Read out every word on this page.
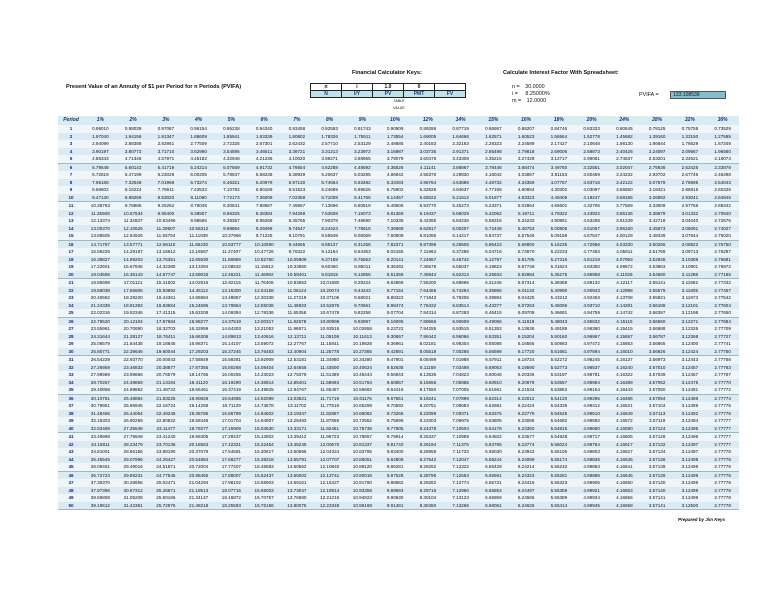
Financial Calculator Keys:
n	i	1.0	0	
N	I/Y	PV	PMT	FV
TABLE
VALUE
Calculate Interest Factor With Spreadsheet:
n = 30.0000
i = 8.25000%
m = 12.0000
PVIFA =	133.108539
Present Value of an Annuity of $1 per Period for n Periods (PVIFA)
Period	1%	2%	3%	4%	5%	6%	7%	8%	9%	10%	12%	14%	15%	16%	18%	20%	24%	28%	32%	36%
1	0.99010	0.98039	0.97087	0.96154	0.95238	0.94340	0.93458	0.92593	0.91743	0.90909	0.89286	0.87719	0.86957	0.86207	0.84746	0.83333	0.80645	0.78125	0.75758	0.73529
2	1.97040	1.94156	1.91347	1.88609	1.85941	1.83339	1.80802	1.78326	1.75911	1.73554	1.69005	1.64666	1.62571	1.60523	1.56564	1.52778	1.45682	1.39160	1.33150	1.27595
3	2.94099	2.88388	2.82861	2.77509	2.72325	2.67301	2.62432	2.57710	2.53129	2.48685	2.40183	2.32163	2.28323	2.24589	2.17427	2.10648	1.98130	1.86844	1.76629	1.67349
4	3.90197	3.80773	3.71710	3.62990	3.54595	3.46511	3.38721	3.31213	3.23972	3.16987	3.03735	2.91371	2.85498	2.79818	2.69006	2.58873	2.40426	2.24097	2.09567	1.96580
5	4.85343	4.71346	4.57971	4.45182	4.32948	4.21236	4.10020	3.99271	3.88965	3.79079	3.60478	3.43308	3.35216	3.27429	3.12717	2.99061	2.74537	2.53201	2.34521	2.18074
6	5.79548	5.60143	5.41719	5.24214	5.07569	4.91732	4.76654	4.62288	4.48592	4.35526	4.11141	3.88867	3.78448	3.68474	3.49760	3.32551	3.02047	2.75938	2.53425	2.33878
7	6.72819	6.47199	6.23028	6.00205	5.78637	5.58238	5.38929	5.20637	5.03295	4.86842	4.56376	4.28830	4.16042	4.03857	3.81153	3.60459	3.24232	2.93702	2.67746	2.45498
8	7.65168	7.32548	7.01969	6.73274	6.46321	6.20979	5.97130	5.74664	5.53482	5.33493	4.96764	4.63886	4.48732	4.34359	4.07757	3.83716	3.42122	3.07579	2.78595	2.54043
9	8.56602	8.16224	7.78611	7.43533	7.10782	6.80169	6.51523	6.24689	5.99525	5.75902	5.32825	4.94637	4.77158	4.60654	4.30302	4.03097	3.56550	3.18421	2.86815	2.60326
10	9.47130	8.98259	8.53020	8.11090	7.72173	7.36009	7.02358	6.71008	6.41766	6.14457	5.65022	5.21612	5.01877	4.83323	4.49409	4.19247	3.68186	3.26892	2.93041	2.64945
11	10.36763	9.78685	9.25262	8.76048	8.30641	7.88687	7.49867	7.13896	6.80519	6.49506	5.93770	5.45273	5.23371	5.02864	4.65601	4.32706	3.77569	3.33509	2.97759	2.68342
12	11.25508	10.57534	9.95400	9.38507	8.86325	8.38384	7.94269	7.53608	7.16073	6.81369	6.19437	5.66029	5.42062	5.19711	4.79322	4.43922	3.85136	3.38679	3.01332	2.70840
13	12.13374	11.34837	10.63496	9.98565	9.39357	8.85268	8.35765	7.90378	7.48690	7.10336	6.42355	5.84236	5.58315	5.34233	4.90951	4.53268	3.91239	3.42718	3.04040	2.72676
14	13.00370	12.10625	11.29607	10.56312	9.89864	9.29498	8.74547	8.24424	7.78615	7.36669	6.62817	6.00207	5.72448	5.46753	5.00806	4.61057	3.96160	3.45873	3.06091	2.74027
15	13.86505	12.84926	11.93794	11.11839	10.37966	9.71225	9.10791	8.55948	8.06069	7.60608	6.81086	6.14217	5.84737	5.57546	5.09158	4.67547	4.00129	3.48339	3.07644	2.75020
16	14.71787	13.57771	12.56110	11.65230	10.83777	10.10590	9.44665	8.85137	8.31256	7.82371	6.97399	6.26506	5.95423	5.66850	5.16235	4.72956	4.03330	3.50265	3.08822	2.75750
17	15.56225	14.29187	13.16612	12.16567	11.27407	10.47726	9.76322	9.12164	8.54363	8.02155	7.11963	6.37286	6.04716	5.74870	5.22233	4.77463	4.05911	3.51769	3.09713	2.76287
18	16.39827	14.99203	13.75351	12.65930	11.68959	10.82760	10.05909	9.37189	8.75563	8.20141	7.24967	6.46742	6.12797	5.81785	5.27316	4.81219	4.07993	3.52945	3.10389	2.76681
19	17.22601	15.67846	14.32380	13.13394	12.08532	11.15812	10.33560	9.60360	8.95011	8.36492	7.36578	6.55037	6.19823	5.87746	5.31624	4.84350	4.09672	3.53863	3.10901	2.76972
20	18.04555	16.35143	14.87747	13.59033	12.46221	11.46992	10.59401	9.81815	9.12855	8.51356	7.46944	6.62313	6.25933	5.92884	5.35275	4.86958	4.11026	3.54580	3.11288	2.77185
21	18.85698	17.01121	15.41502	14.02916	12.82115	11.76408	10.83553	10.01680	9.29224	8.64869	7.56200	6.68696	6.31246	5.97314	5.38368	4.89132	4.12117	3.55141	3.11582	2.77342
22	19.66038	17.65805	15.93692	14.45112	13.16300	12.04158	11.06124	10.20074	9.44243	8.77154	7.64465	6.74294	6.35866	6.01133	5.40990	4.90943	4.12998	3.55579	3.11805	2.77457
23	20.45582	18.29220	16.44361	14.85684	13.48857	12.30338	11.27219	10.37106	9.58021	8.88322	7.71843	6.79206	6.39884	6.04425	5.43212	4.92453	4.13708	3.55921	3.11973	2.77542
24	21.24339	18.91393	16.93554	15.24696	13.79864	12.55036	11.46933	10.52876	9.70661	8.98474	7.78432	6.83514	6.43377	6.07263	5.45095	4.93710	4.14281	3.56188	3.12101	2.77604
25	22.02316	19.52346	17.41315	15.62208	14.09394	12.78336	11.65358	10.67478	9.82258	9.07704	7.84314	6.87293	6.46415	6.09709	5.46691	4.94759	4.14742	3.56397	3.12198	2.77650
26	22.79520	20.12104	17.87684	15.98277	14.37519	13.00317	11.82578	10.80998	9.92897	9.16095	7.89566	6.90608	6.49056	6.11818	5.48043	4.95632	4.15115	3.56560	3.12271	2.77684
27	23.55961	20.70690	18.32703	16.32959	14.64303	13.21053	11.98671	10.93516	10.02658	9.23722	7.94255	6.93515	6.51353	6.13636	5.49189	4.96360	4.15415	3.56688	3.12326	2.77709
28	24.31644	21.28127	18.76411	16.66306	14.89813	13.40616	12.13711	11.05108	10.11613	9.30657	7.98442	6.96066	6.53351	6.15204	5.50160	4.96967	4.15657	3.56787	3.12368	2.77727
29	25.06579	21.84438	19.18845	16.98371	15.14107	13.59072	12.27767	11.15841	10.19828	9.36961	8.02181	6.98304	6.55088	6.16555	5.50983	4.97472	4.15853	3.56865	3.12400	2.77741
30	25.80771	22.39646	19.60044	17.29203	15.37245	13.76483	12.40904	11.25778	10.27365	9.42691	8.05518	7.00266	6.56598	6.17720	5.51681	4.97894	4.16010	3.56926	3.12424	2.77750
31	26.54229	22.93770	20.00043	17.58849	15.59281	13.92909	12.53181	11.34980	10.34280	9.47901	8.08499	7.01988	6.57911	6.18724	5.52272	4.98245	4.16137	3.56973	3.12443	2.77758
32	27.26959	23.46833	20.38877	17.87355	15.80268	14.08404	12.64656	11.43500	10.40624	9.52638	8.11159	7.03498	6.59053	6.19590	5.52773	4.98537	4.16240	3.57010	3.12457	2.77763
33	27.98969	23.98856	20.76579	18.14765	16.00255	14.23023	12.75379	11.51389	10.46444	9.56943	8.13535	7.04823	6.60046	6.20336	5.53197	4.98781	4.16322	3.57039	3.12467	2.77767
34	28.70267	24.49859	21.13184	18.41120	16.19290	14.36814	12.85401	11.58693	10.51784	9.60857	8.15656	7.05985	6.60910	6.20979	5.53557	4.98984	4.16389	3.57062	3.12475	2.77770
35	29.40858	24.99862	21.48722	18.66461	16.37419	14.49825	12.94767	11.65457	10.56682	9.64416	8.17550	7.07005	6.61661	6.21534	5.53862	4.99154	4.16443	3.57080	3.12481	2.77772
36	30.10751	25.48884	21.83225	18.90828	16.54685	14.62099	13.03521	11.71719	10.61176	9.67651	8.19241	7.07899	6.62314	6.22012	5.54120	4.99295	4.16486	3.57094	3.12486	2.77774
37	30.79951	25.96945	22.16724	19.14258	16.71129	14.73678	13.11702	11.77518	10.65299	9.70592	8.20751	7.08683	6.62881	6.22424	5.54339	4.99412	4.16521	3.57104	3.12489	2.77775
38	31.48466	26.44064	22.49246	19.36786	16.86789	14.84602	13.19347	11.82887	10.69082	9.73265	8.22099	7.09371	6.63375	6.22779	5.54525	4.99510	4.16549	3.57113	3.12492	2.77776
39	32.16303	26.90259	22.80822	19.58448	17.01704	14.94907	13.26493	11.87858	10.72552	9.75696	8.23303	7.09975	6.63805	6.23086	5.54682	4.99592	4.16572	3.57119	3.12494	2.77777
40	32.83469	27.35548	23.11477	19.79277	17.15909	15.04630	13.33171	11.92461	10.75736	9.77905	8.24378	7.10504	6.64178	6.23350	5.54815	4.99660	4.16590	3.57124	3.12495	2.77777
41	33.49969	27.79949	23.41240	19.99305	17.29437	15.13802	13.39412	11.96723	10.78657	9.79914	8.25337	7.10969	6.64502	6.23577	5.54928	4.99717	4.16605	3.57128	3.12496	2.77777
42	34.15811	28.23479	23.70136	20.18563	17.42321	15.22454	13.45245	12.00670	10.81337	9.81740	8.26194	7.11376	6.64785	6.23774	5.55024	4.99764	4.16617	3.57132	3.12497	2.77777
43	34.81001	28.66156	23.98190	20.37079	17.54591	15.30617	13.50696	12.04324	10.83795	9.83400	8.26959	7.11733	6.65030	6.23943	5.55105	4.99803	4.16627	3.57134	3.12497	2.77778
44	35.45545	29.07996	24.25427	20.54884	17.66277	15.38318	13.55791	12.07707	10.86051	9.84909	8.27642	7.12047	6.65244	6.24089	5.55174	4.99836	4.16635	3.57136	3.12498	2.77778
45	36.09451	29.49016	24.51871	20.72004	17.77407	15.45583	13.60552	12.10840	10.88120	9.86281	8.28252	7.12322	6.65429	6.24214	5.55232	4.99863	4.16641	3.57138	3.12498	2.77778
46	36.72724	29.89231	24.77545	20.88465	17.88007	15.52437	13.65002	12.13741	10.90018	9.87528	8.28796	7.12563	6.65591	6.24323	5.55281	4.99886	4.16646	3.57139	3.12499	2.77778
47	37.35370	30.28658	25.02471	21.04294	17.98102	15.58903	13.69161	12.16427	10.91760	9.88662	8.29282	7.12774	6.65731	6.24416	5.55323	4.99905	4.16650	3.57140	3.12499	2.77778
48	37.97396	30.67312	25.26671	21.19513	18.07716	15.65003	13.73047	12.18914	10.93358	9.89693	8.29716	7.12960	6.65853	6.24497	5.55359	4.99921	4.16653	3.57140	3.12499	2.77778
49	38.58808	31.05208	25.50166	21.34147	18.16872	15.70757	13.76680	12.21216	10.94823	9.90630	8.30104	7.13123	6.65959	6.24566	5.55389	4.99934	4.16656	3.57141	3.12499	2.77778
50	39.19612	31.42361	25.72976	21.48218	18.25593	15.76186	13.80075	12.23348	10.96168	9.91481	8.30450	7.13266	6.66051	6.24626	5.55414	4.99945	4.16658	3.57141	3.12500	2.77778
Prepared by Jim Keys
